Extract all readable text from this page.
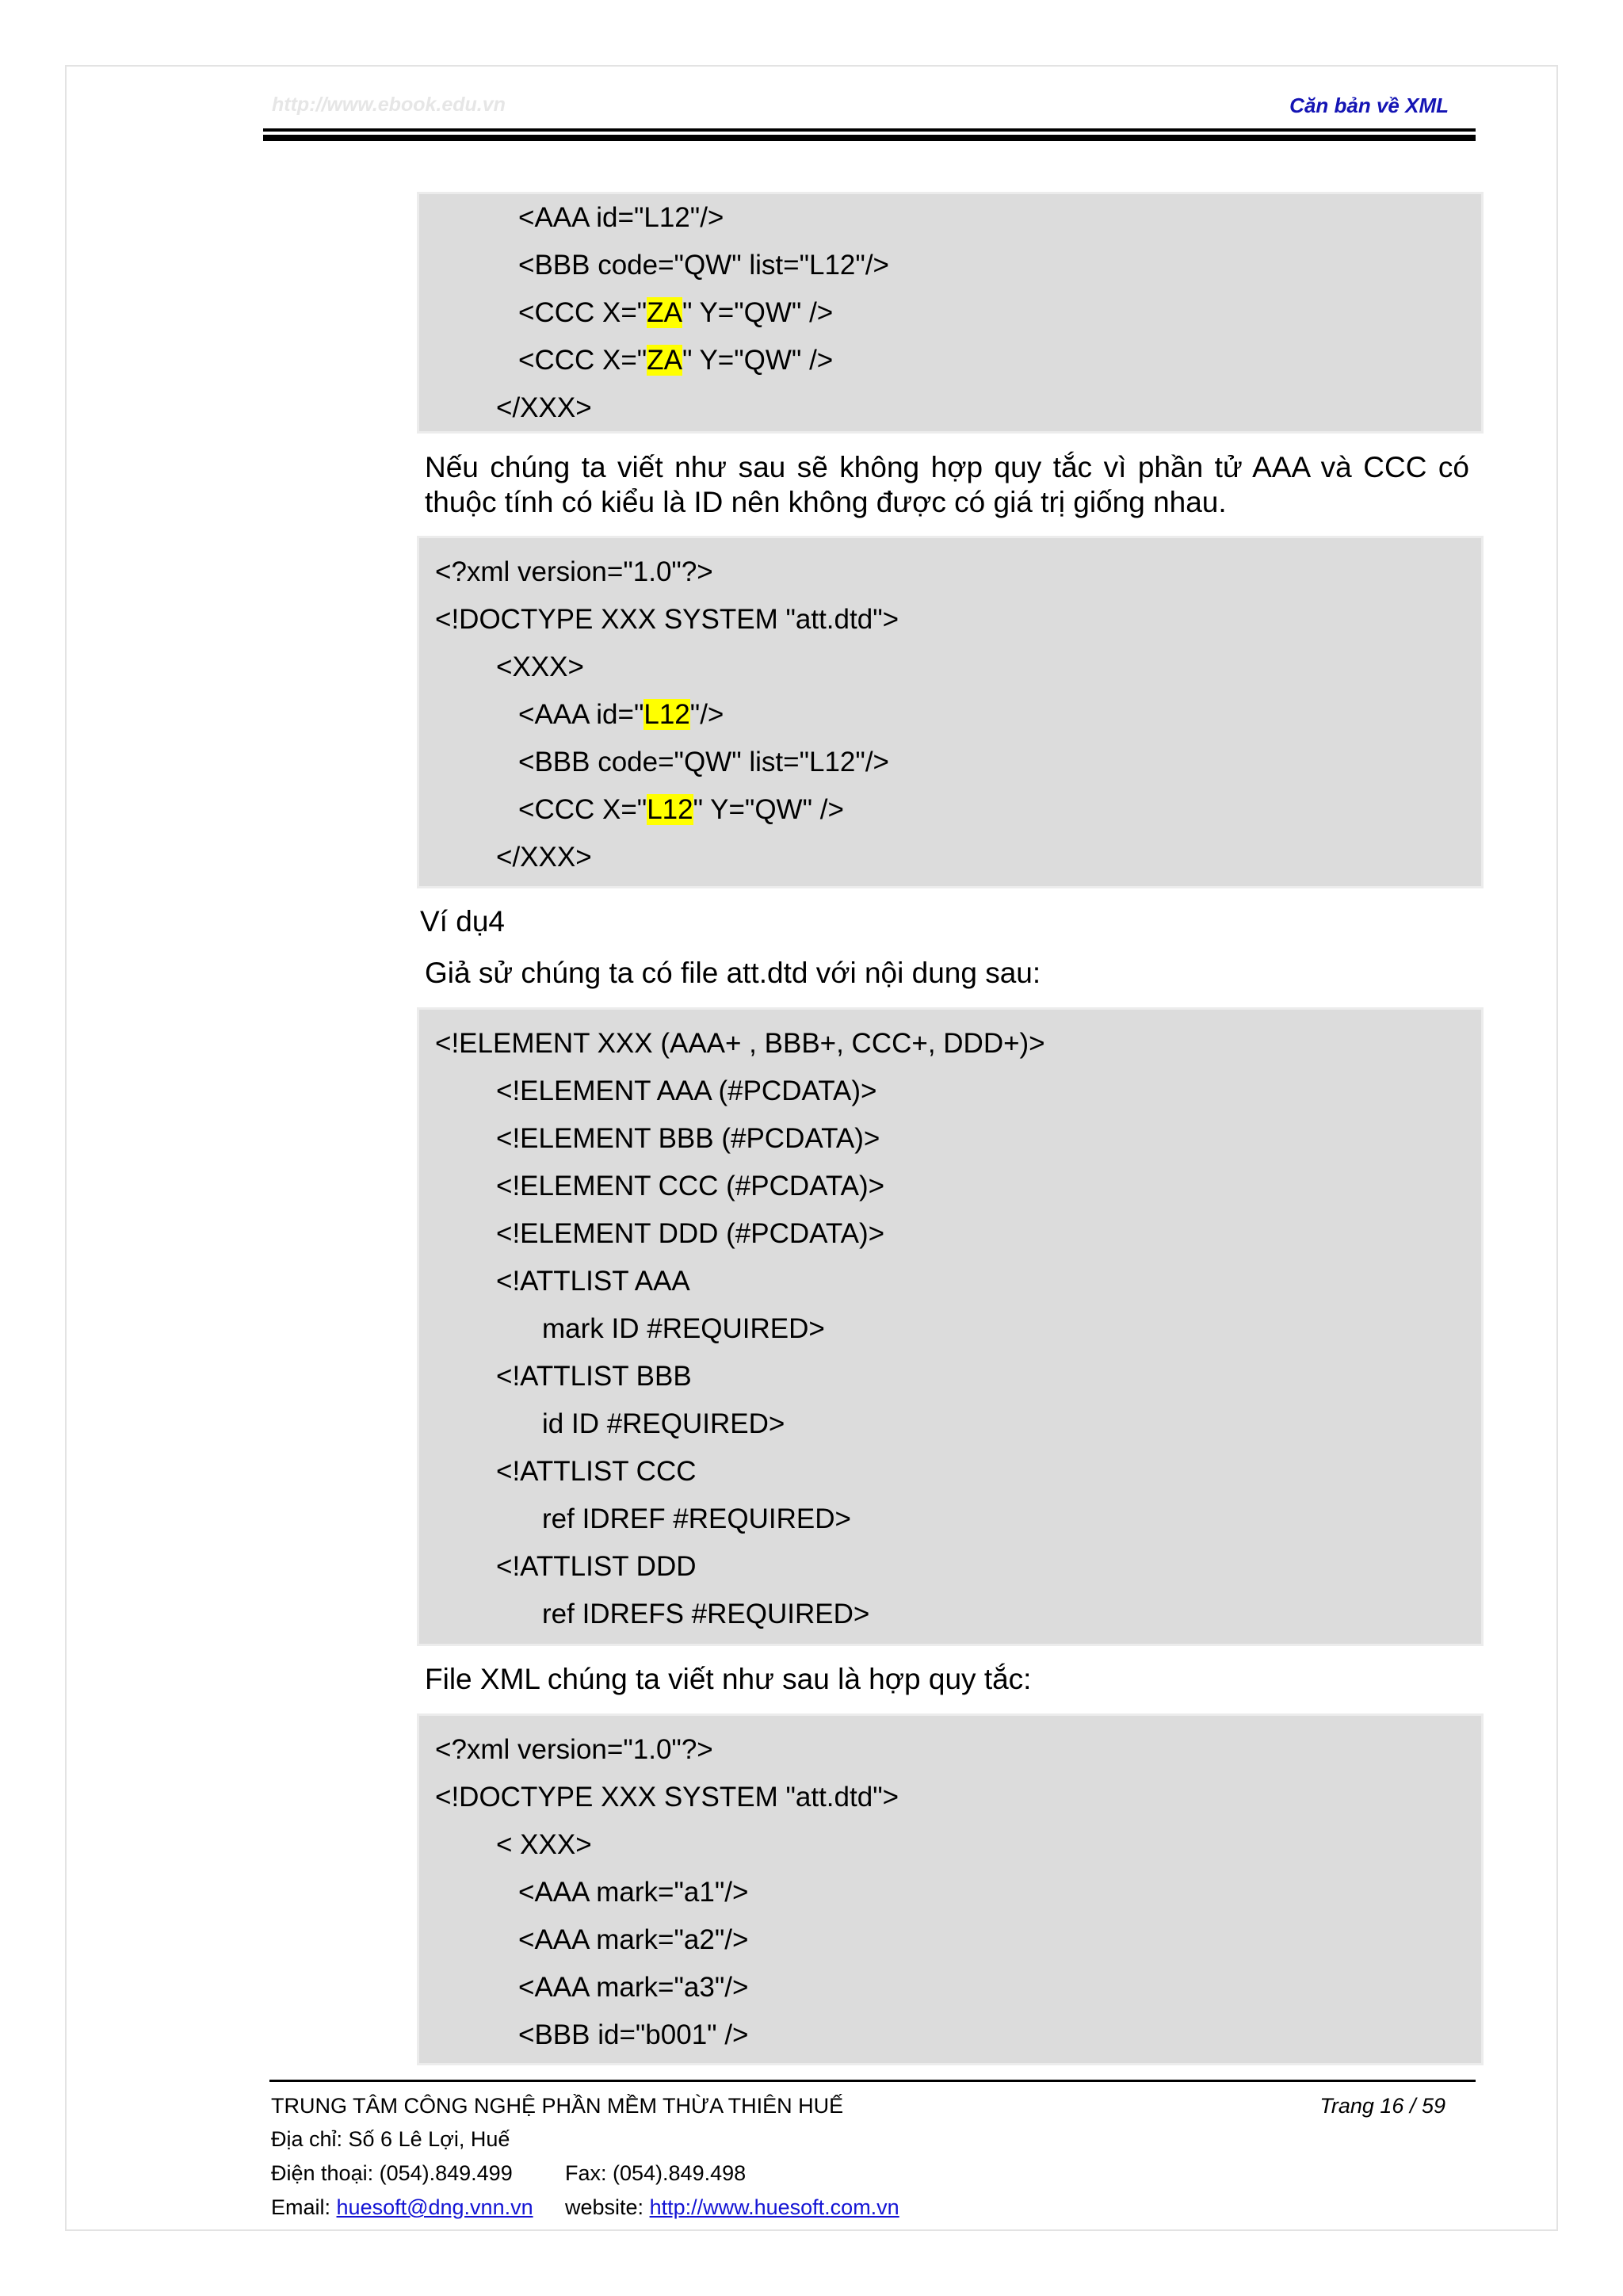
http://www.ebook.edu.vn	Căn bản về XML
<AAA id="L12"/>
<BBB code="QW" list="L12"/>
<CCC X="ZA" Y="QW" />
<CCC X="ZA" Y="QW" />
</XXX>
Nếu chúng ta viết như sau sẽ không hợp quy tắc vì phần tử AAA và CCC có thuộc tính có kiểu là ID nên không được có giá trị giống nhau.
<?xml version="1.0"?>
<!DOCTYPE XXX SYSTEM "att.dtd">
<XXX>
<AAA id="L12"/>
<BBB code="QW" list="L12"/>
<CCC X="L12" Y="QW" />
</XXX>
Ví dụ4
Giả sử chúng ta có file att.dtd với nội dung sau:
<!ELEMENT XXX (AAA+ , BBB+, CCC+, DDD+)>
<!ELEMENT AAA (#PCDATA)>
<!ELEMENT BBB (#PCDATA)>
<!ELEMENT CCC (#PCDATA)>
<!ELEMENT DDD (#PCDATA)>
<!ATTLIST AAA
mark ID #REQUIRED>
<!ATTLIST BBB
id ID #REQUIRED>
<!ATTLIST CCC
ref IDREF #REQUIRED>
<!ATTLIST DDD
ref IDREFS #REQUIRED>
File XML chúng ta viết như sau là hợp quy tắc:
<?xml version="1.0"?>
<!DOCTYPE XXX SYSTEM "att.dtd">
< XXX>
<AAA mark="a1"/>
<AAA mark="a2"/>
<AAA mark="a3"/>
<BBB id="b001" />
TRUNG TÂM CÔNG NGHỆ PHẦN MỀM THỪA THIÊN HUẾ	Trang 16 / 59
Địa chỉ: Số 6 Lê Lợi, Huế
Điện thoại: (054).849.499 Fax: (054).849.498
Email: huesoft@dng.vnn.vn website: http://www.huesoft.com.vn
